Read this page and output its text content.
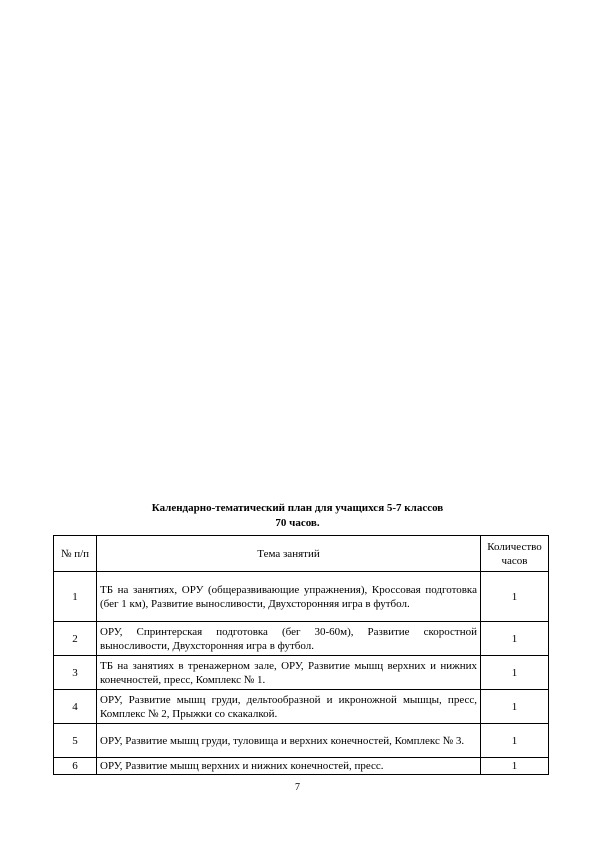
Календарно-тематический план для учащихся 5-7 классов
70 часов.
№ п/п	Тема занятий	Количество часов
1	ТБ на занятиях, ОРУ (общеразвивающие упражнения), Кроссовая подготовка (бег 1 км), Развитие выносливости, Двухсторонняя игра в футбол.	1
2	ОРУ, Спринтерская подготовка (бег 30-60м), Развитие скоростной выносливости, Двухсторонняя игра в футбол.	1
3	ТБ на занятиях в тренажерном зале, ОРУ, Развитие мышц верхних и нижних конечностей, пресс, Комплекс № 1.	1
4	ОРУ, Развитие мышц груди, дельтообразной и икроножной мышцы, пресс, Комплекс № 2, Прыжки со скакалкой.	1
5	ОРУ, Развитие мышц груди, туловища и верхних конечностей, Комплекс № 3.	1
6	ОРУ, Развитие мышц верхних и нижних конечностей, пресс.	1
7
